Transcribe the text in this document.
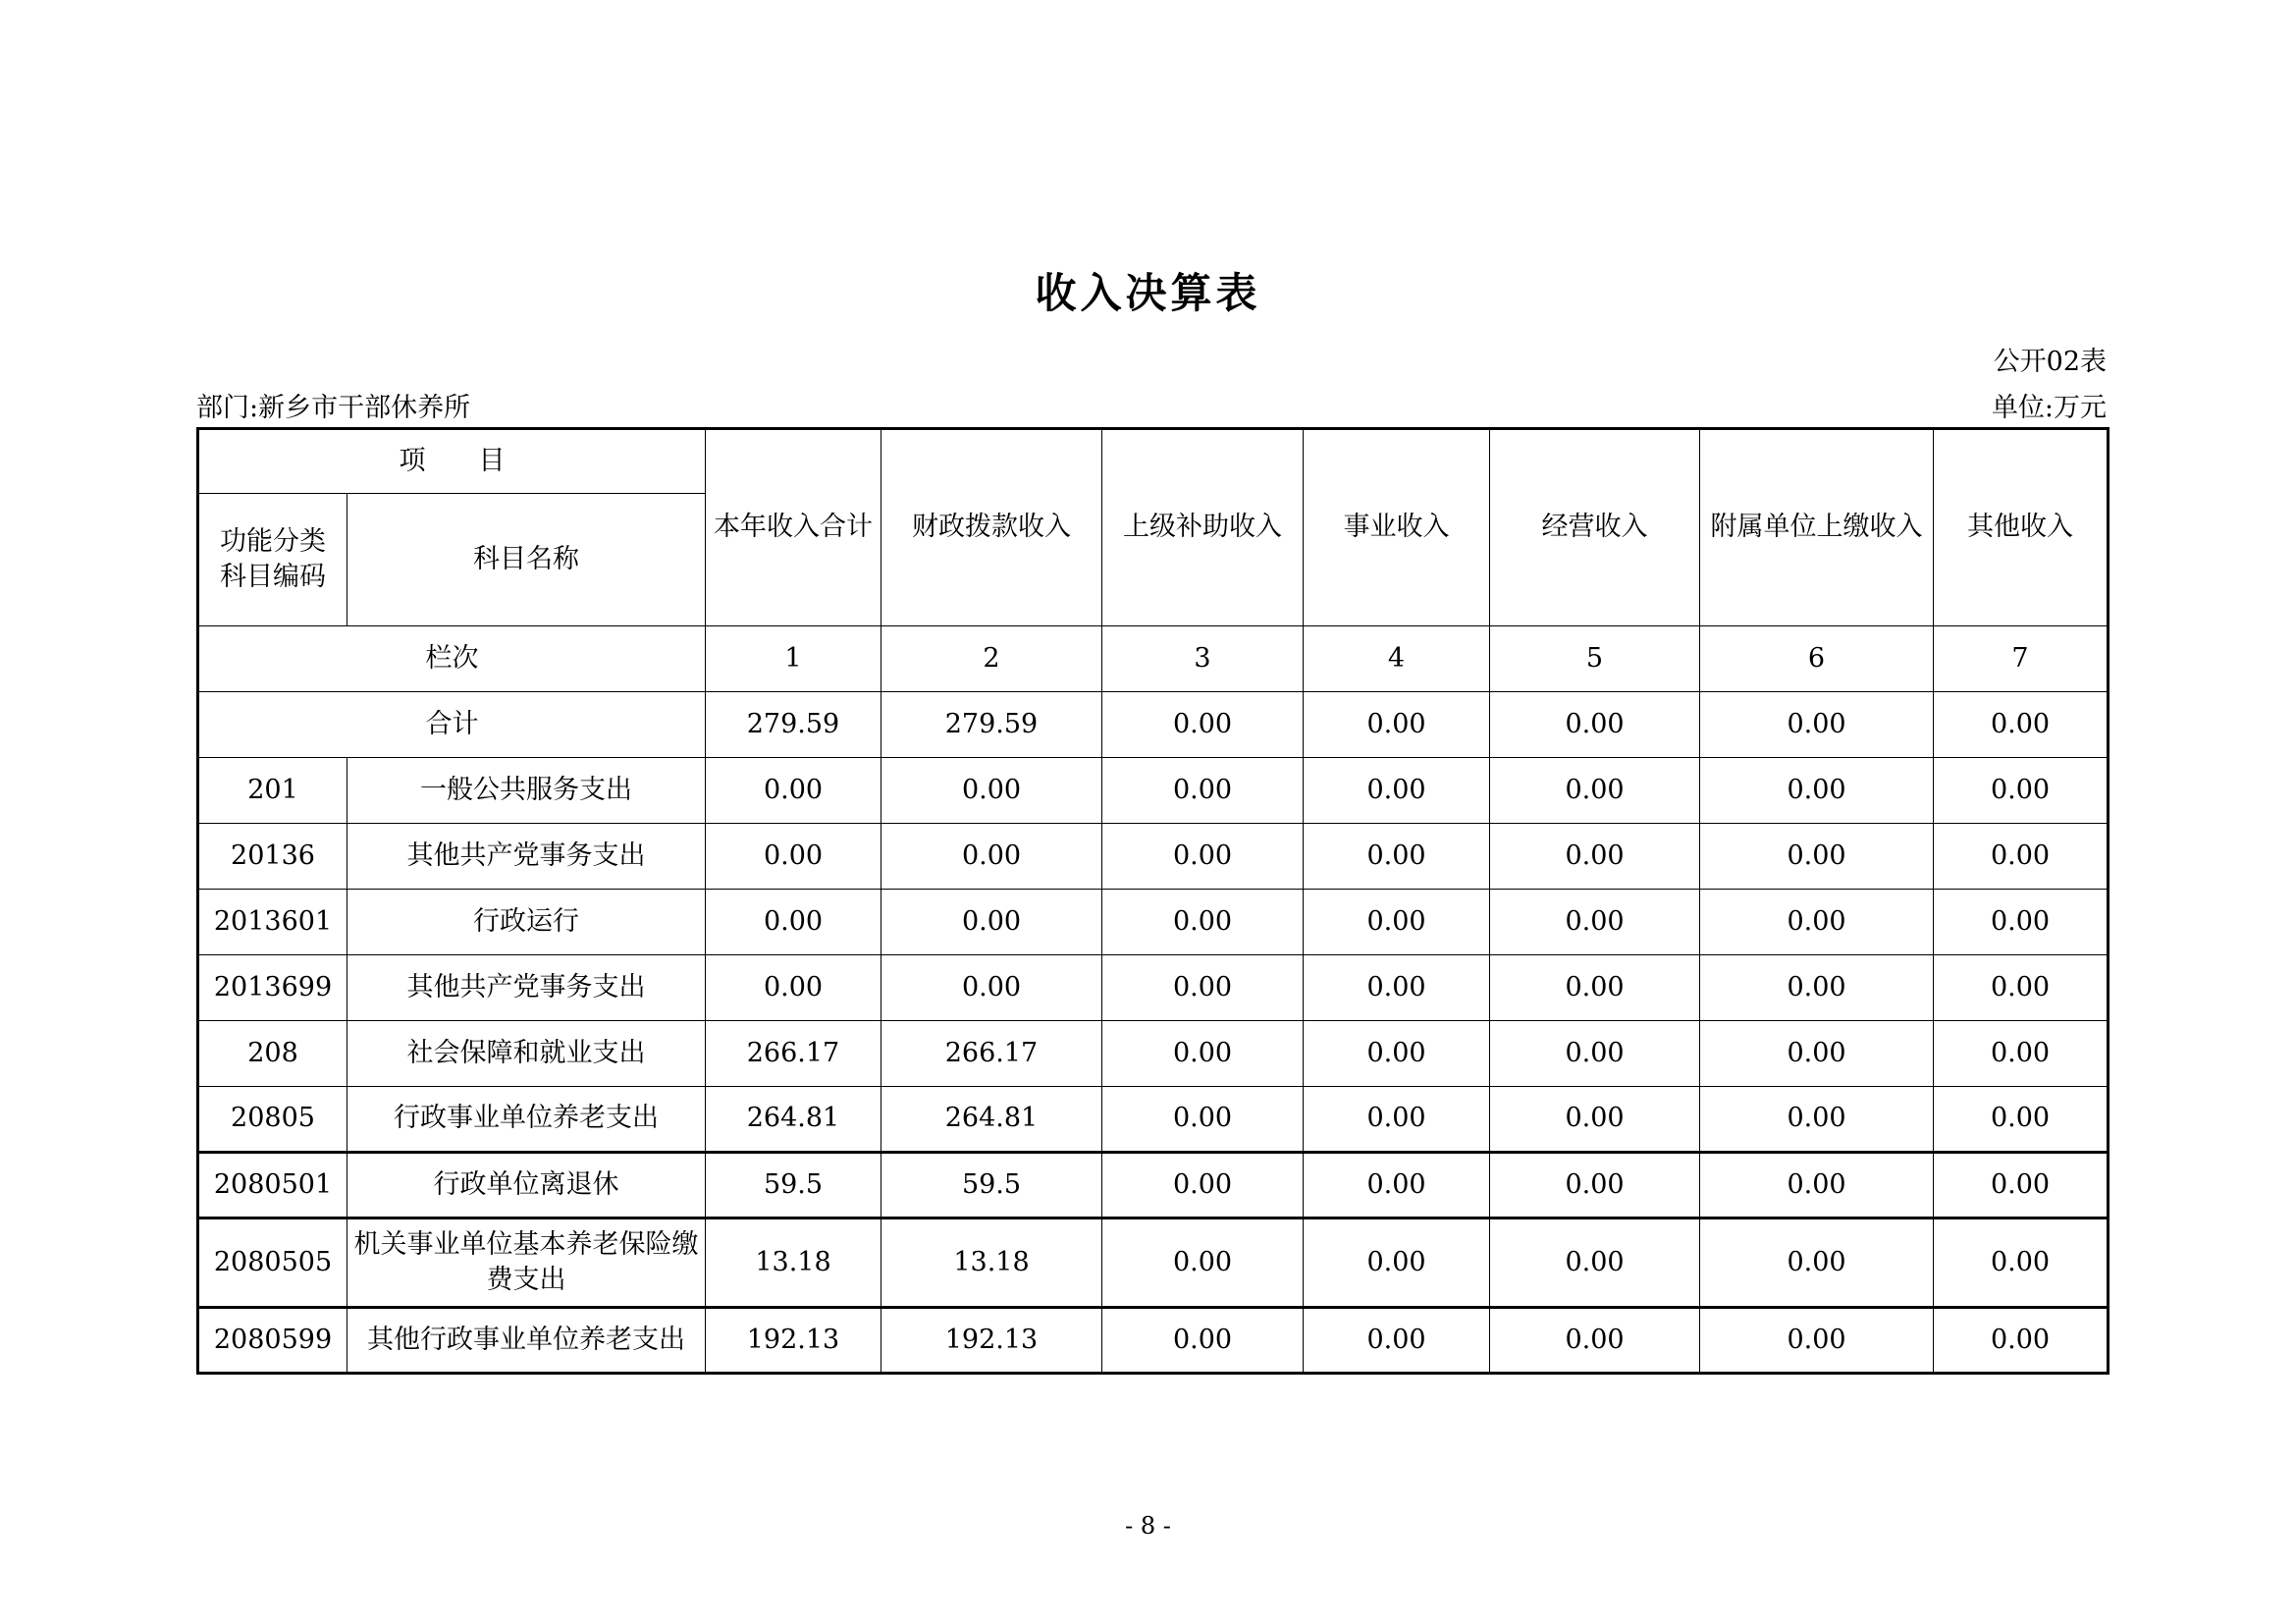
收入决算表
公开02表
部门:新乡市干部休养所	单位:万元
项　　目		本年收入合计	财政拨款收入	上级补助收入	事业收入	经营收入	附属单位上缴收入	其他收入
功能分类科目编码	科目名称							
栏次		1	2	3	4	5	6	7
合计		279.59	279.59	0.00	0.00	0.00	0.00	0.00
201	一般公共服务支出	0.00	0.00	0.00	0.00	0.00	0.00	0.00
20136	其他共产党事务支出	0.00	0.00	0.00	0.00	0.00	0.00	0.00
2013601	行政运行	0.00	0.00	0.00	0.00	0.00	0.00	0.00
2013699	其他共产党事务支出	0.00	0.00	0.00	0.00	0.00	0.00	0.00
208	社会保障和就业支出	266.17	266.17	0.00	0.00	0.00	0.00	0.00
20805	行政事业单位养老支出	264.81	264.81	0.00	0.00	0.00	0.00	0.00
2080501	行政单位离退休	59.5	59.5	0.00	0.00	0.00	0.00	0.00
2080505	机关事业单位基本养老保险缴费支出	13.18	13.18	0.00	0.00	0.00	0.00	0.00
2080599	其他行政事业单位养老支出	192.13	192.13	0.00	0.00	0.00	0.00	0.00
- 8 -
